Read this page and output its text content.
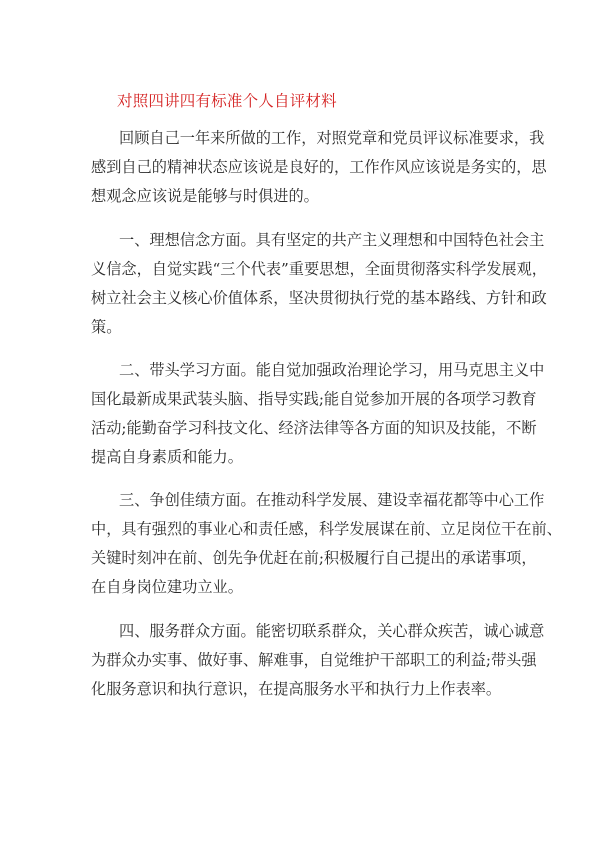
对照四讲四有标准个人自评材料
回顾自己一年来所做的工作，对照党章和党员评议标准要求，我
感到自己的精神状态应该说是良好的，工作作风应该说是务实的，思
想观念应该说是能够与时俱进的。
一、理想信念方面。具有坚定的共产主义理想和中国特色社会主
义信念，自觉实践“三个代表”重要思想，全面贯彻落实科学发展观，
树立社会主义核心价值体系，坚决贯彻执行党的基本路线、方针和政
策。
二、带头学习方面。能自觉加强政治理论学习，用马克思主义中
国化最新成果武装头脑、指导实践;能自觉参加开展的各项学习教育
活动;能勤奋学习科技文化、经济法律等各方面的知识及技能，不断
提高自身素质和能力。
三、争创佳绩方面。在推动科学发展、建设幸福花都等中心工作
中，具有强烈的事业心和责任感，科学发展谋在前、立足岗位干在前、
关键时刻冲在前、创先争优赶在前;积极履行自己提出的承诺事项，
在自身岗位建功立业。
四、服务群众方面。能密切联系群众，关心群众疾苦，诚心诚意
为群众办实事、做好事、解难事，自觉维护干部职工的利益;带头强
化服务意识和执行意识，在提高服务水平和执行力上作表率。
